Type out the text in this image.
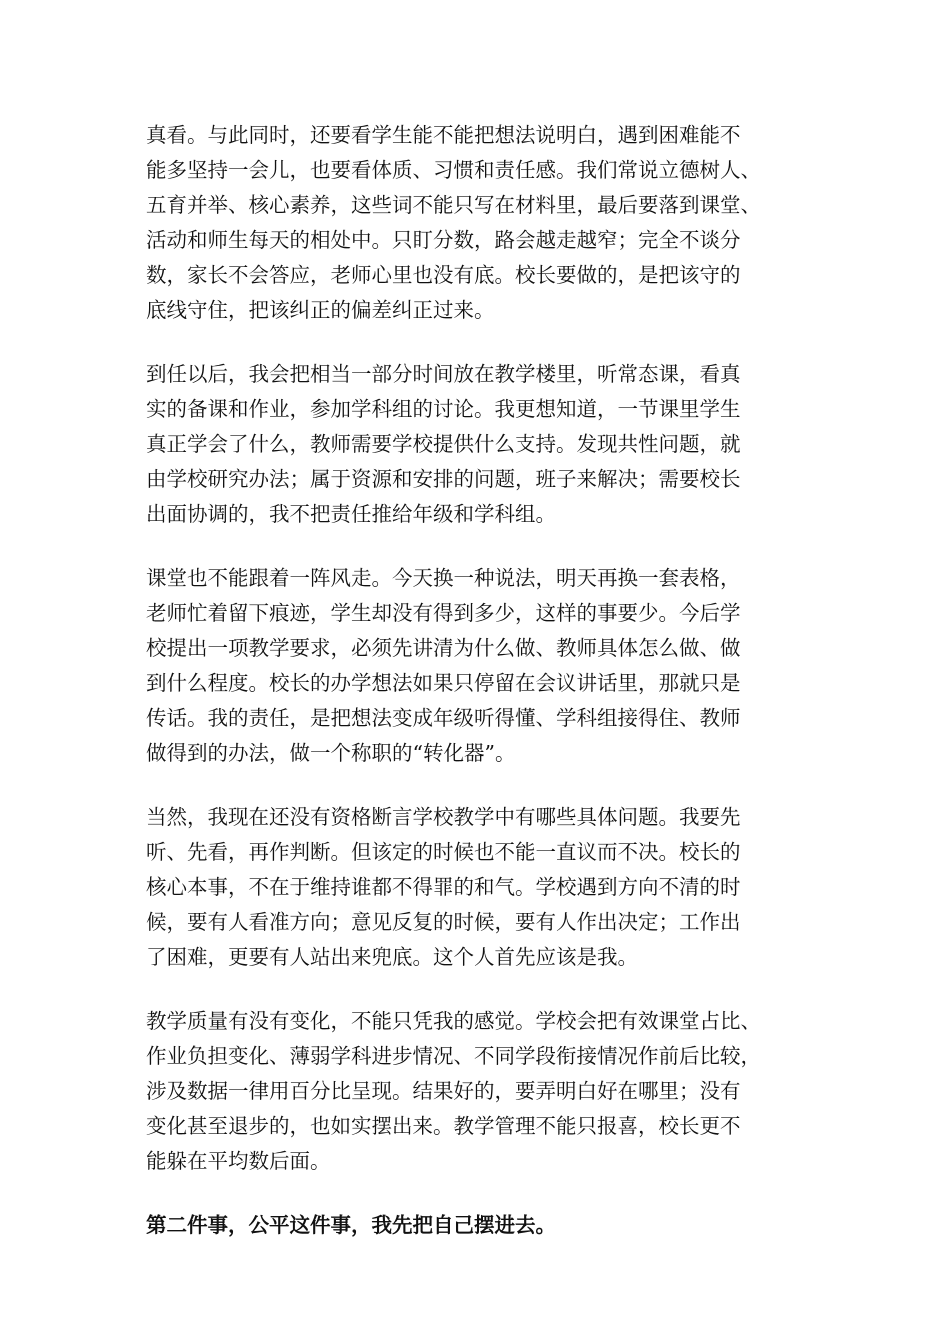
真看。与此同时，还要看学生能不能把想法说明白，遇到困难能不
能多坚持一会儿，也要看体质、习惯和责任感。我们常说立德树人、
五育并举、核心素养，这些词不能只写在材料里，最后要落到课堂、
活动和师生每天的相处中。只盯分数，路会越走越窄；完全不谈分
数，家长不会答应，老师心里也没有底。校长要做的，是把该守的
底线守住，把该纠正的偏差纠正过来。
到任以后，我会把相当一部分时间放在教学楼里，听常态课，看真
实的备课和作业，参加学科组的讨论。我更想知道，一节课里学生
真正学会了什么，教师需要学校提供什么支持。发现共性问题，就
由学校研究办法；属于资源和安排的问题，班子来解决；需要校长
出面协调的，我不把责任推给年级和学科组。
课堂也不能跟着一阵风走。今天换一种说法，明天再换一套表格，
老师忙着留下痕迹，学生却没有得到多少，这样的事要少。今后学
校提出一项教学要求，必须先讲清为什么做、教师具体怎么做、做
到什么程度。校长的办学想法如果只停留在会议讲话里，那就只是
传话。我的责任，是把想法变成年级听得懂、学科组接得住、教师
做得到的办法，做一个称职的“转化器”。
当然，我现在还没有资格断言学校教学中有哪些具体问题。我要先
听、先看，再作判断。但该定的时候也不能一直议而不决。校长的
核心本事，不在于维持谁都不得罪的和气。学校遇到方向不清的时
候，要有人看准方向；意见反复的时候，要有人作出决定；工作出
了困难，更要有人站出来兜底。这个人首先应该是我。
教学质量有没有变化，不能只凭我的感觉。学校会把有效课堂占比、
作业负担变化、薄弱学科进步情况、不同学段衔接情况作前后比较，
涉及数据一律用百分比呈现。结果好的，要弄明白好在哪里；没有
变化甚至退步的，也如实摆出来。教学管理不能只报喜，校长更不
能躲在平均数后面。
第二件事，公平这件事，我先把自己摆进去。
